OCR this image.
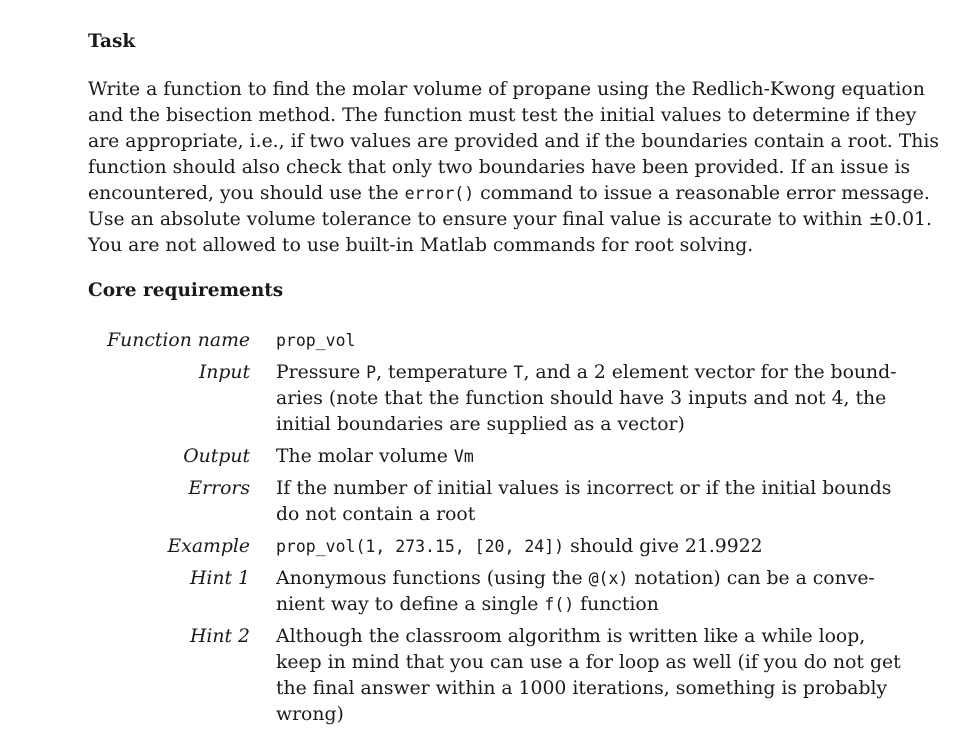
Task

Write a function to find the molar volume of propane using the Redlich-Kwong equation
and the bisection method. The function must test the initial values to determine if they
are appropriate, i.e., if two values are provided and if the boundaries contain a root. This
function should also check that only two boundaries have been provided. If an issue is
encountered, you should use the error() command to issue a reasonable error message.
Use an absolute volume tolerance to ensure your final value is accurate to within ±0.01.
You are not allowed to use built-in Matlab commands for root solving.

Core requirements
Function name prop_vol
Input Pressure P, temperature T, and a 2 element vector for the bound-
aries (note that the function should have 3 inputs and not 4, the
initial boundaries are supplied as a vector)
Output The molar volume Vm
Errors If the number of initial values is incorrect or if the initial bounds
do not contain a root
Example prop_vol(1, 273.15, [20, 24]) should give 21.9922
Hint 1 Anonymous functions (using the @(x) notation) can be a conve-
nient way to define a single f() function
Hint 2 Although the classroom algorithm is written like a while loop,
keep in mind that you can use a for loop as well (if you do not get
the final answer within a 1000 iterations, something is probably
wrong)
